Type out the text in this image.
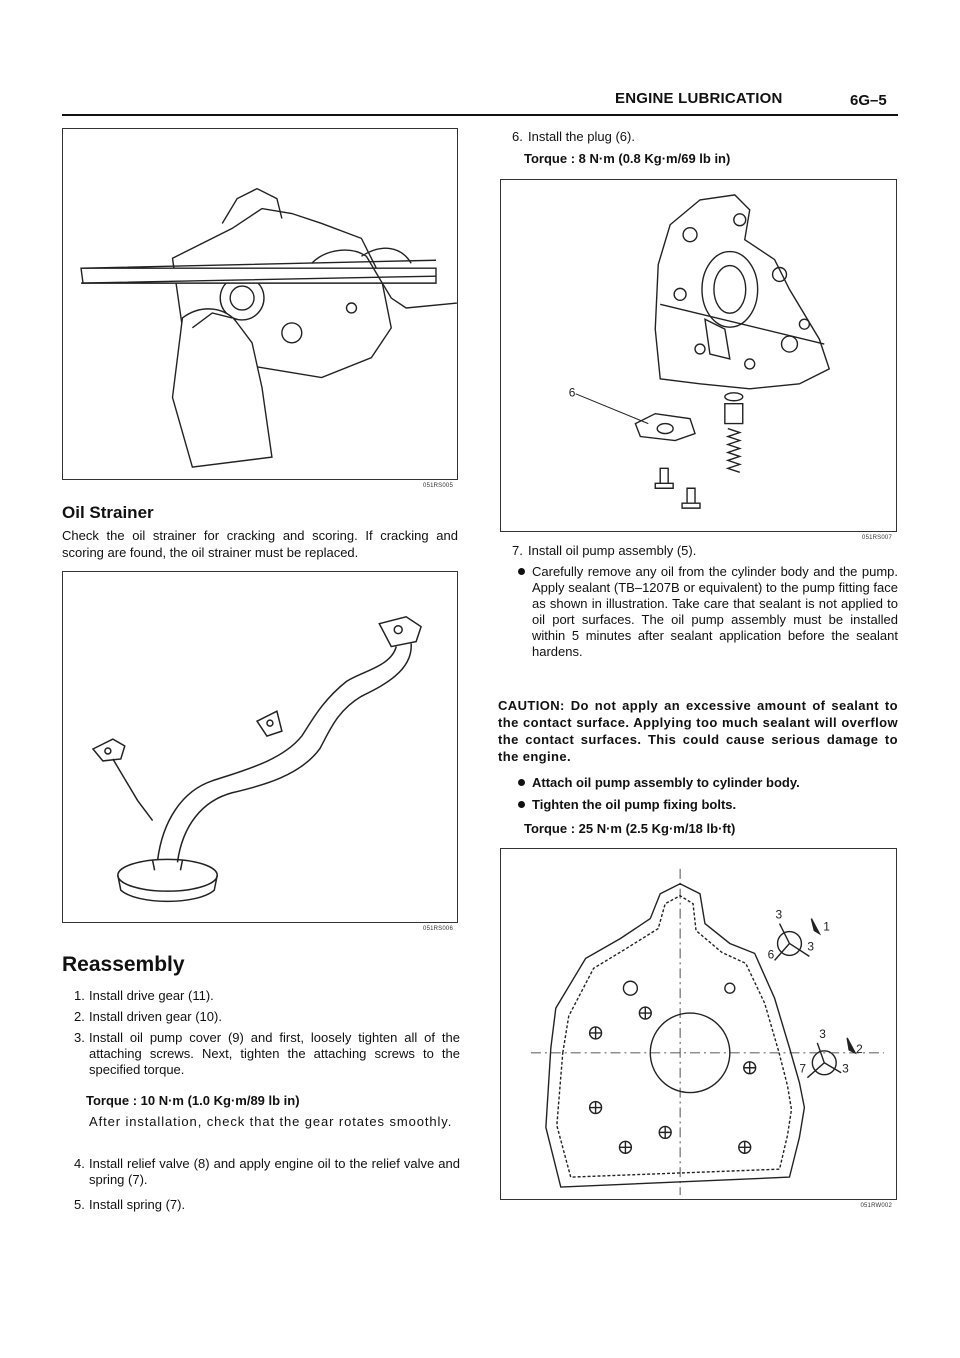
ENGINE LUBRICATION	6G–5
051RS005
Oil Strainer
Check the oil strainer for cracking and scoring. If cracking and scoring are found, the oil strainer must be replaced.
051RS006
Reassembly
1. Install drive gear (11).
2. Install driven gear (10).
3. Install oil pump cover (9) and first, loosely tighten all of the attaching screws. Next, tighten the attaching screws to the specified torque.
Torque : 10 N·m (1.0 Kg·m/89 lb in)
After installation, check that the gear rotates smoothly.
4. Install relief valve (8) and apply engine oil to the relief valve and spring (7).
5. Install spring (7).
6. Install the plug (6).
Torque : 8 N·m (0.8 Kg·m/69 lb in)
6
051RS007
7. Install oil pump assembly (5).
Carefully remove any oil from the cylinder body and the pump. Apply sealant (TB–1207B or equivalent) to the pump fitting face as shown in illustration. Take care that sealant is not applied to oil port surfaces. The oil pump assembly must be installed within 5 minutes after sealant application before the sealant hardens.
CAUTION: Do not apply an excessive amount of sealant to the contact surface. Applying too much sealant will overflow the contact surfaces. This could cause serious damage to the engine.
Attach oil pump assembly to cylinder body.
Tighten the oil pump fixing bolts.
Torque : 25 N·m (2.5 Kg·m/18 lb·ft)
3
1
6
3
3
2
7	3
051RW002
